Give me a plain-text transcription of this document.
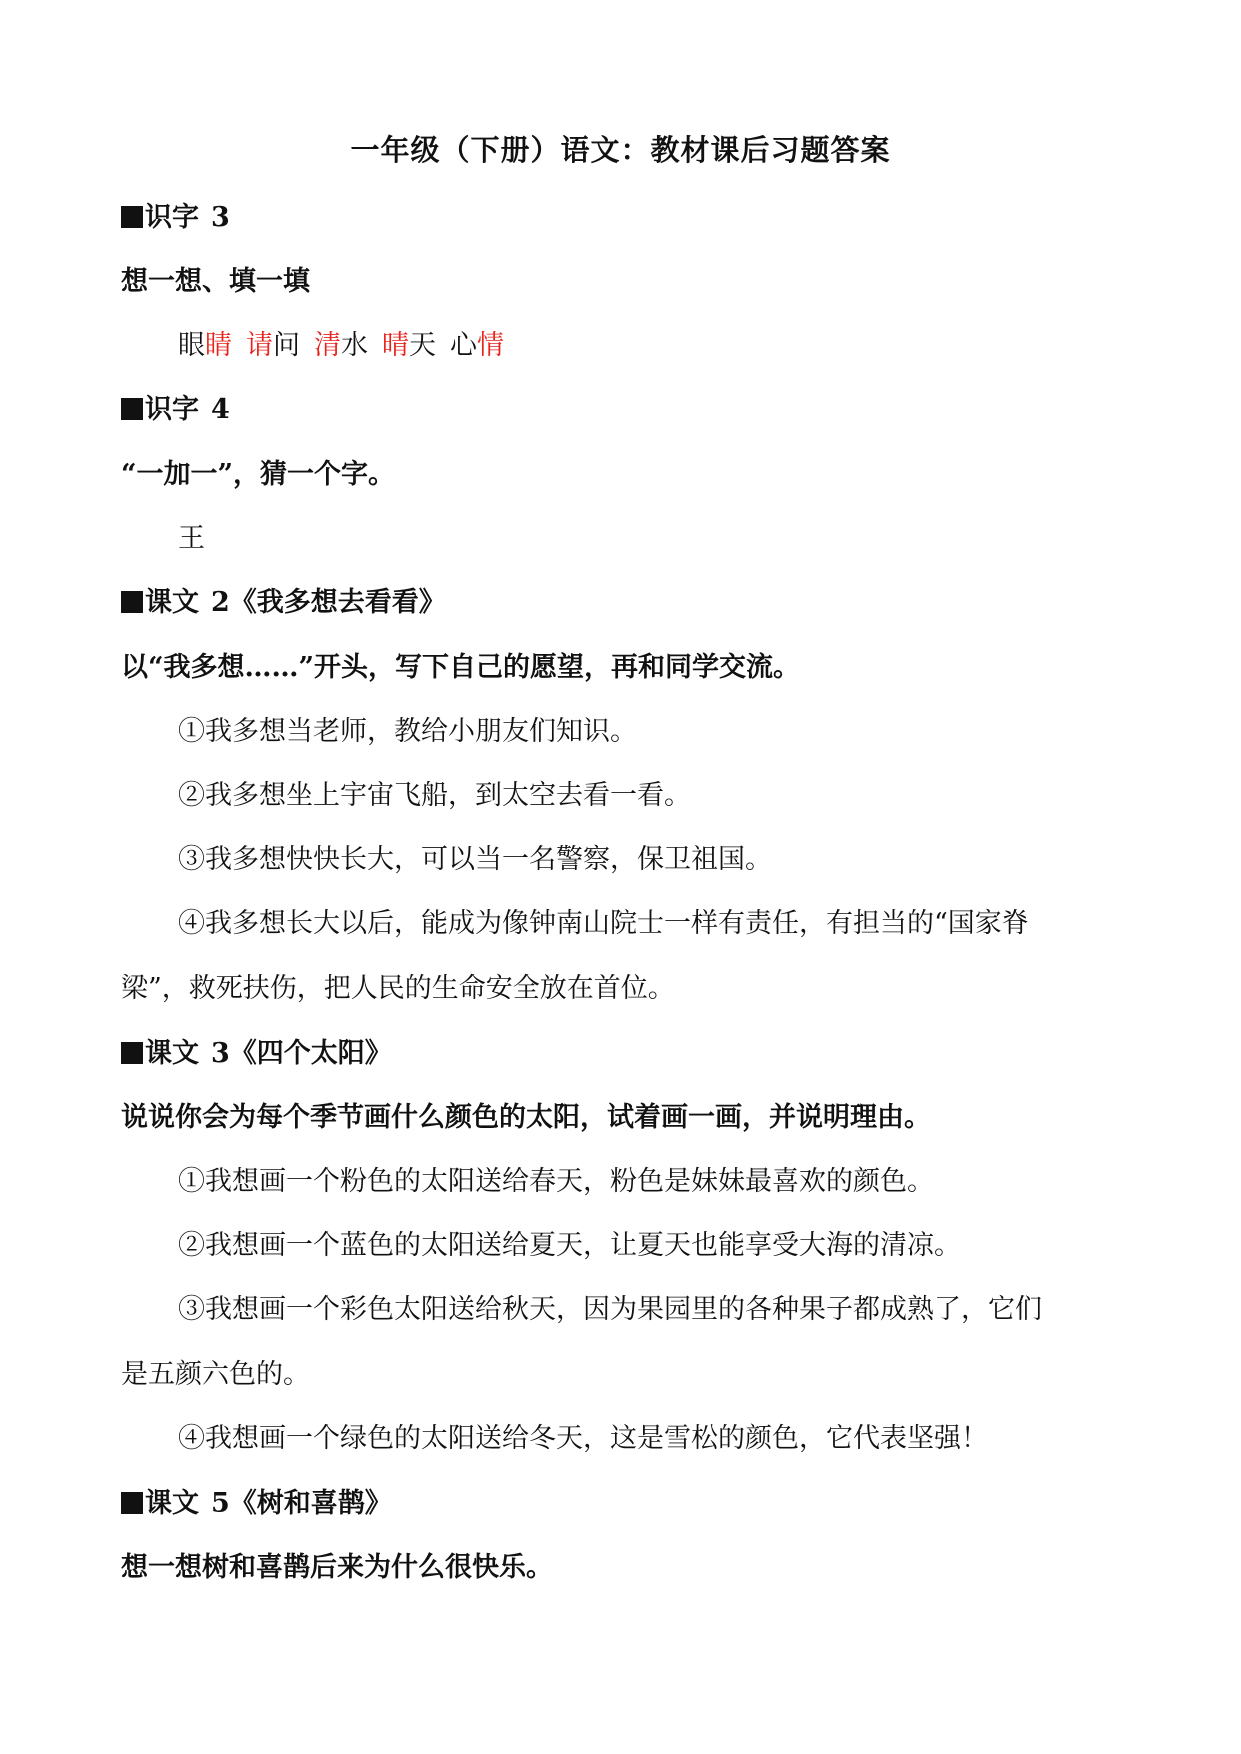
一年级（下册）语文：教材课后习题答案
识字 3
想一想、填一填
眼睛 请问 清水 晴天 心情
识字 4
“一加一”，猜一个字。
王
课文 2《我多想去看看》
以“我多想……”开头，写下自己的愿望，再和同学交流。
①我多想当老师，教给小朋友们知识。
②我多想坐上宇宙飞船，到太空去看一看。
③我多想快快长大，可以当一名警察，保卫祖国。
④我多想长大以后，能成为像钟南山院士一样有责任，有担当的“国家脊
梁”，救死扶伤，把人民的生命安全放在首位。
课文 3《四个太阳》
说说你会为每个季节画什么颜色的太阳，试着画一画，并说明理由。
①我想画一个粉色的太阳送给春天，粉色是妹妹最喜欢的颜色。
②我想画一个蓝色的太阳送给夏天，让夏天也能享受大海的清凉。
③我想画一个彩色太阳送给秋天，因为果园里的各种果子都成熟了，它们
是五颜六色的。
④我想画一个绿色的太阳送给冬天，这是雪松的颜色，它代表坚强！
课文 5《树和喜鹊》
想一想树和喜鹊后来为什么很快乐。
